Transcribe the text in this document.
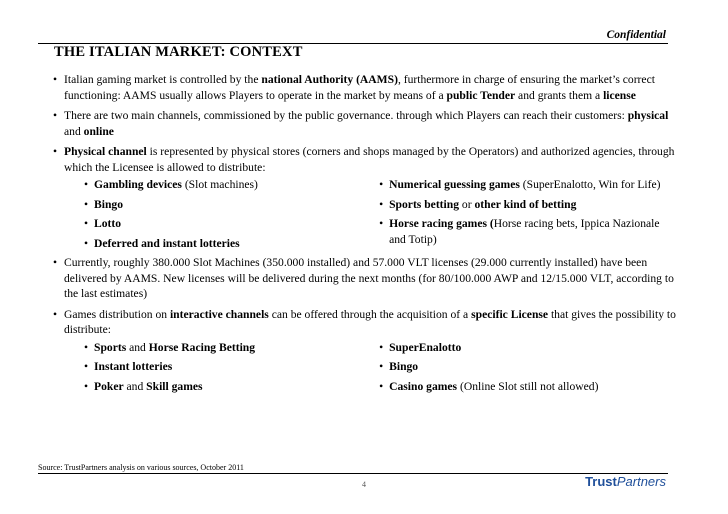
Confidential
THE ITALIAN MARKET: CONTEXT
• Italian gaming market is controlled by the national Authority (AAMS), furthermore in charge of ensuring the market’s correct functioning: AAMS usually allows Players to operate in the market by means of a public Tender and grants them a license
• There are two main channels, commissioned by the public governance. through which Players can reach their customers: physical and online
• Physical channel is represented by physical stores (corners and shops managed by the Operators) and authorized agencies, through which the Licensee is allowed to distribute:
• Gambling devices (Slot machines)
• Bingo
• Lotto
• Deferred and instant lotteries
• Numerical guessing games (SuperEnalotto, Win for Life)
• Sports betting or other kind of betting
• Horse racing games (Horse racing bets, Ippica Nazionale and Totip)
• Currently, roughly 380.000 Slot Machines (350.000 installed) and 57.000 VLT licenses (29.000 currently installed) have been delivered by AAMS. New licenses will be delivered during the next months (for 80/100.000 AWP and 12/15.000 VLT, according to the last estimates)
• Games distribution on interactive channels can be offered through the acquisition of a specific License that gives the possibility to distribute:
• Sports and Horse Racing Betting
• Instant lotteries
• Poker and Skill games
• SuperEnalotto
• Bingo
• Casino games (Online Slot still not allowed)
Source: TrustPartners analysis on various sources, October 2011
4	TrustPartners
